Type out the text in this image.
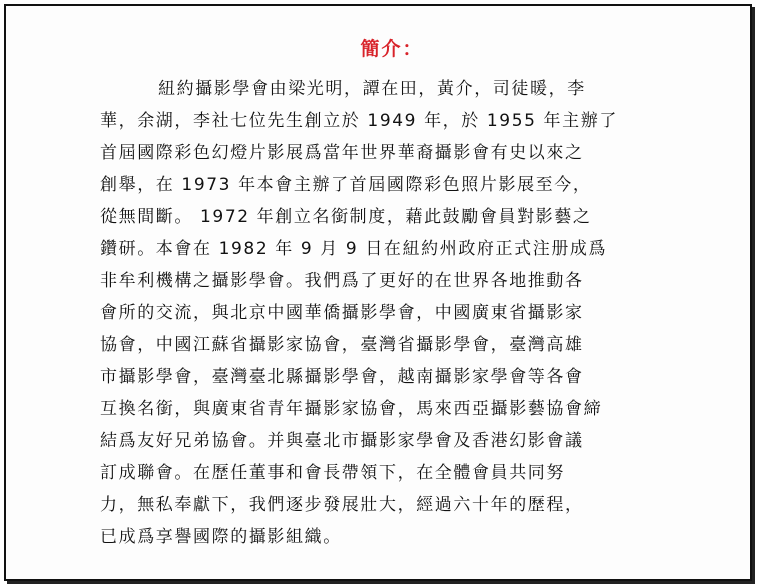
簡介：

紐約攝影學會由梁光明，譚在田，黃介，司徒暖，李
華，余湖，李社七位先生創立於 1949 年，於 1955 年主辦了
首屆國際彩色幻燈片影展爲當年世界華裔攝影會有史以來之
創舉，在 1973 年本會主辦了首屆國際彩色照片影展至今，
從無間斷。 1972 年創立名銜制度，藉此鼓勵會員對影藝之
鑽研。本會在 1982 年 9 月 9 日在紐約州政府正式注册成爲
非牟利機構之攝影學會。我們爲了更好的在世界各地推動各
會所的交流，與北京中國華僑攝影學會，中國廣東省攝影家
協會，中國江蘇省攝影家協會，臺灣省攝影學會，臺灣高雄
市攝影學會，臺灣臺北縣攝影學會，越南攝影家學會等各會
互換名銜，與廣東省青年攝影家協會，馬來西亞攝影藝協會締
結爲友好兄弟協會。并與臺北市攝影家學會及香港幻影會議
訂成聯會。在歷任董事和會長帶領下，在全體會員共同努
力，無私奉獻下，我們逐步發展壯大，經過六十年的歷程，
已成爲享譽國際的攝影組織。
